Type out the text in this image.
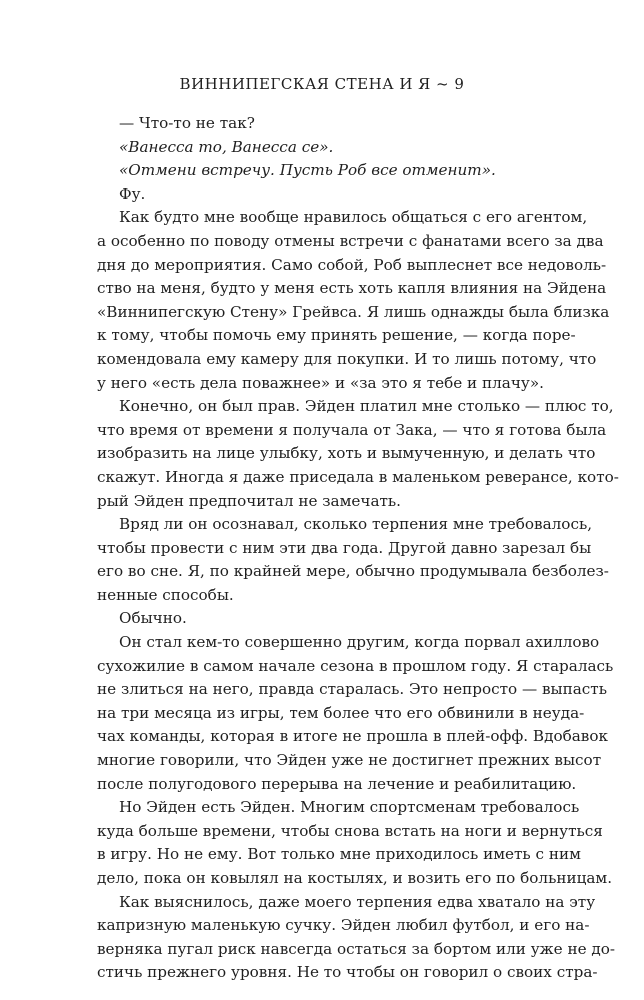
ВИННИПЕГСКАЯ СТЕНА И Я ~ 9
— Что-то не так?
«Ванесса то, Ванесса се».
«Отмени встречу. Пусть Роб все отменит».
Фу.
Как будто мне вообще нравилось общаться с его агентом,
а особенно по поводу отмены встречи с фанатами всего за два
дня до мероприятия. Само собой, Роб выплеснет все недоволь-
ство на меня, будто у меня есть хоть капля влияния на Эйдена
«Виннипегскую Стену» Грейвса. Я лишь однажды была близка
к тому, чтобы помочь ему принять решение, — когда поре-
комендовала ему камеру для покупки. И то лишь потому, что
у него «есть дела поважнее» и «за это я тебе и плачу».
Конечно, он был прав. Эйден платил мне столько — плюс то,
что время от времени я получала от Зака, — что я готова была
изобразить на лице улыбку, хоть и вымученную, и делать что
скажут. Иногда я даже приседала в маленьком реверансе, кото-
рый Эйден предпочитал не замечать.
Вряд ли он осознавал, сколько терпения мне требовалось,
чтобы провести с ним эти два года. Другой давно зарезал бы
его во сне. Я, по крайней мере, обычно продумывала безболез-
ненные способы.
Обычно.
Он стал кем-то совершенно другим, когда порвал ахиллово
сухожилие в самом начале сезона в прошлом году. Я старалась
не злиться на него, правда старалась. Это непросто — выпасть
на три месяца из игры, тем более что его обвинили в неуда-
чах команды, которая в итоге не прошла в плей-офф. Вдобавок
многие говорили, что Эйден уже не достигнет прежних высот
после полугодового перерыва на лечение и реабилитацию.
Но Эйден есть Эйден. Многим спортсменам требовалось
куда больше времени, чтобы снова встать на ноги и вернуться
в игру. Но не ему. Вот только мне приходилось иметь с ним
дело, пока он ковылял на костылях, и возить его по больницам.
Как выяснилось, даже моего терпения едва хватало на эту
капризную маленькую сучку. Эйден любил футбол, и его на-
верняка пугал риск навсегда остаться за бортом или уже не до-
стичь прежнего уровня. Не то чтобы он говорил о своих стра-
